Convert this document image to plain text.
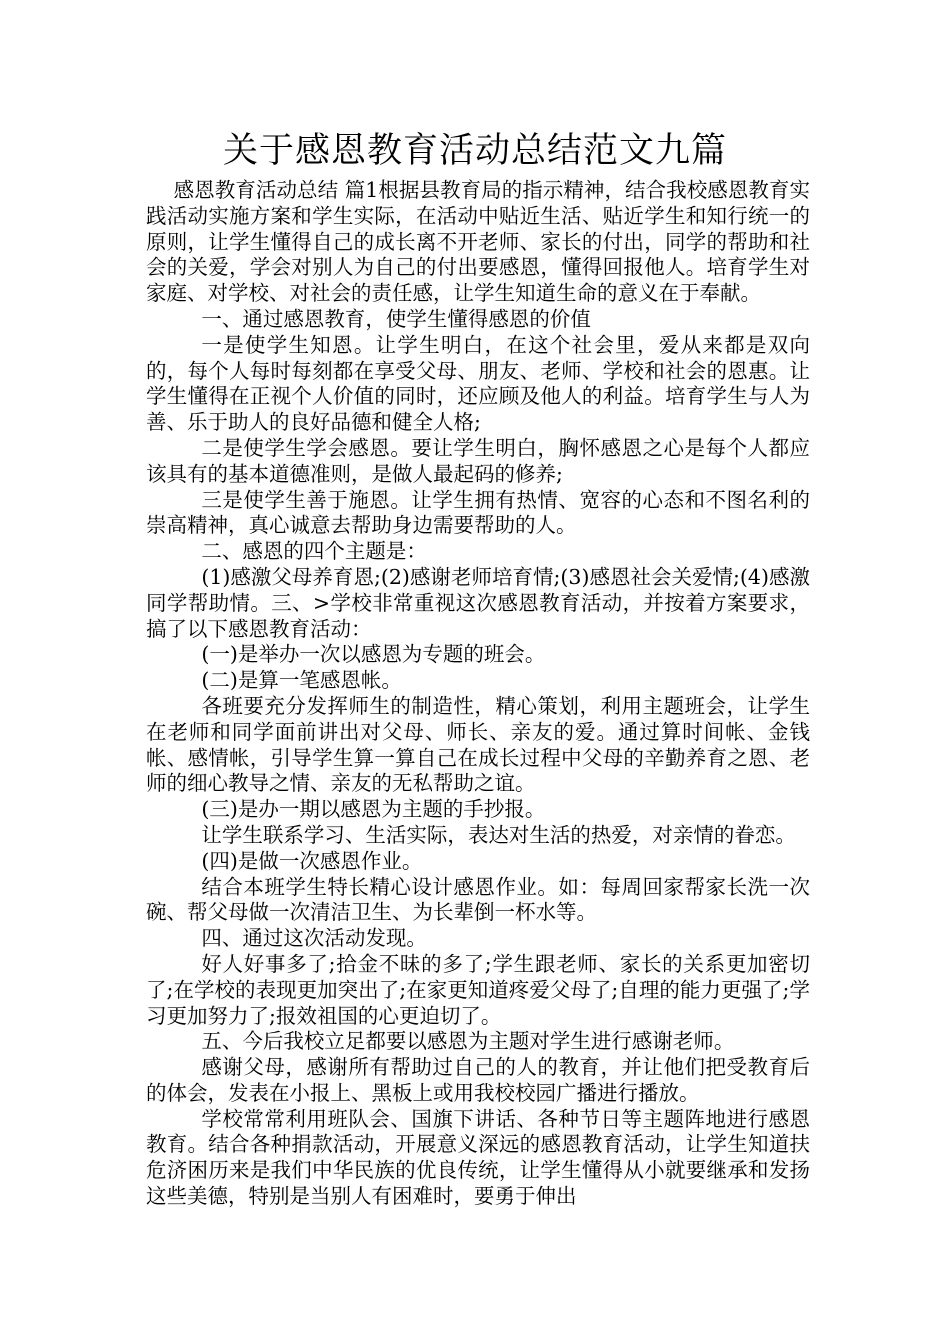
关于感恩教育活动总结范文九篇

感恩教育活动总结 篇1根据县教育局的指示精神，结合我校感恩教育实践活动实施方案和学生实际，在活动中贴近生活、贴近学生和知行统一的原则，让学生懂得自己的成长离不开老师、家长的付出，同学的帮助和社会的关爱，学会对别人为自己的付出要感恩，懂得回报他人。培育学生对家庭、对学校、对社会的责任感，让学生知道生命的意义在于奉献。

一、通过感恩教育，使学生懂得感恩的价值

一是使学生知恩。让学生明白，在这个社会里，爱从来都是双向的，每个人每时每刻都在享受父母、朋友、老师、学校和社会的恩惠。让学生懂得在正视个人价值的同时，还应顾及他人的利益。培育学生与人为善、乐于助人的良好品德和健全人格;

二是使学生学会感恩。要让学生明白，胸怀感恩之心是每个人都应该具有的基本道德准则，是做人最起码的修养;

三是使学生善于施恩。让学生拥有热情、宽容的心态和不图名利的崇高精神，真心诚意去帮助身边需要帮助的人。

二、感恩的四个主题是：

(1)感激父母养育恩;(2)感谢老师培育情;(3)感恩社会关爱情;(4)感激同学帮助情。三、>学校非常重视这次感恩教育活动，并按着方案要求，搞了以下感恩教育活动：

(一)是举办一次以感恩为专题的班会。

(二)是算一笔感恩帐。

各班要充分发挥师生的制造性，精心策划，利用主题班会，让学生在老师和同学面前讲出对父母、师长、亲友的爱。通过算时间帐、金钱帐、感情帐，引导学生算一算自己在成长过程中父母的辛勤养育之恩、老师的细心教导之情、亲友的无私帮助之谊。

(三)是办一期以感恩为主题的手抄报。

让学生联系学习、生活实际，表达对生活的热爱，对亲情的眷恋。

(四)是做一次感恩作业。

结合本班学生特长精心设计感恩作业。如：每周回家帮家长洗一次碗、帮父母做一次清洁卫生、为长辈倒一杯水等。

四、通过这次活动发现。

好人好事多了;拾金不昧的多了;学生跟老师、家长的关系更加密切了;在学校的表现更加突出了;在家更知道疼爱父母了;自理的能力更强了;学习更加努力了;报效祖国的心更迫切了。

五、今后我校立足都要以感恩为主题对学生进行感谢老师。

感谢父母，感谢所有帮助过自己的人的教育，并让他们把受教育后的体会，发表在小报上、黑板上或用我校校园广播进行播放。

学校常常利用班队会、国旗下讲话、各种节日等主题阵地进行感恩教育。结合各种捐款活动，开展意义深远的感恩教育活动，让学生知道扶危济困历来是我们中华民族的优良传统，让学生懂得从小就要继承和发扬这些美德，特别是当别人有困难时，要勇于伸出
